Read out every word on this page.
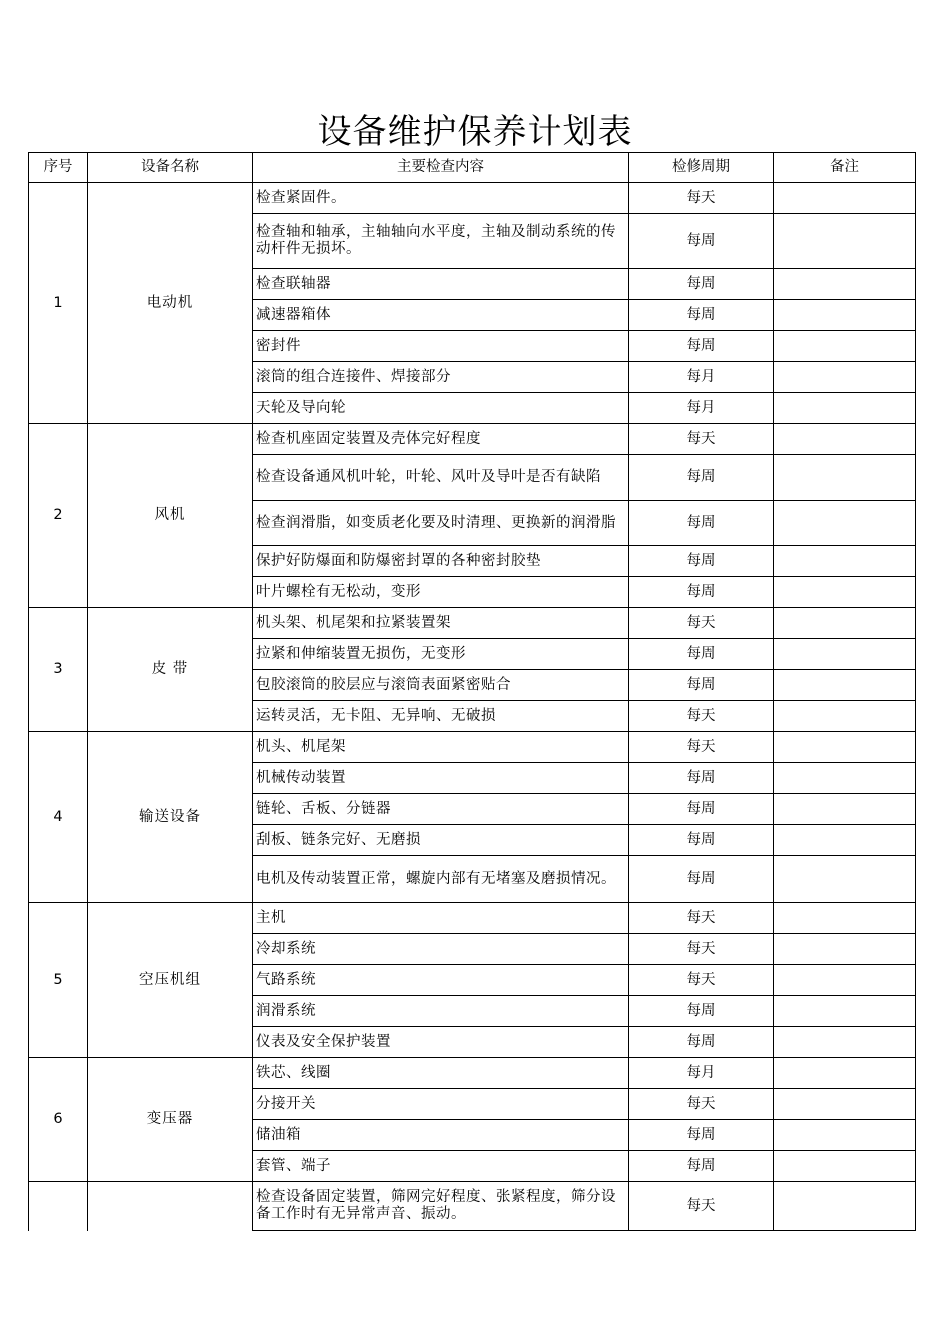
设备维护保养计划表
序号	设备名称	主要检查内容	检修周期	备注
1	电动机	检查紧固件。	每天	
		检查轴和轴承，主轴轴向水平度，主轴及制动系统的传动杆件无损坏。	每周	
		检查联轴器	每周	
		减速器箱体	每周	
		密封件	每周	
		滚筒的组合连接件、焊接部分	每月	
		天轮及导向轮	每月	
2	风机	检查机座固定装置及壳体完好程度	每天	
		检查设备通风机叶轮，叶轮、风叶及导叶是否有缺陷	每周	
		检查润滑脂，如变质老化要及时清理、更换新的润滑脂	每周	
		保护好防爆面和防爆密封罩的各种密封胶垫	每周	
		叶片螺栓有无松动，变形	每周	
3	皮 带	机头架、机尾架和拉紧装置架	每天	
		拉紧和伸缩装置无损伤，无变形	每周	
		包胶滚筒的胶层应与滚筒表面紧密贴合	每周	
		运转灵活，无卡阻、无异响、无破损	每天	
4	输送设备	机头、机尾架	每天	
		机械传动装置	每周	
		链轮、舌板、分链器	每周	
		刮板、链条完好、无磨损	每周	
		电机及传动装置正常，螺旋内部有无堵塞及磨损情况。	每周	
5	空压机组	主机	每天	
		冷却系统	每天	
		气路系统	每天	
		润滑系统	每周	
		仪表及安全保护装置	每周	
6	变压器	铁芯、线圈	每月	
		分接开关	每天	
		储油箱	每周	
		套管、端子	每周	
		检查设备固定装置，筛网完好程度、张紧程度，筛分设备工作时有无异常声音、振动。	每天	
